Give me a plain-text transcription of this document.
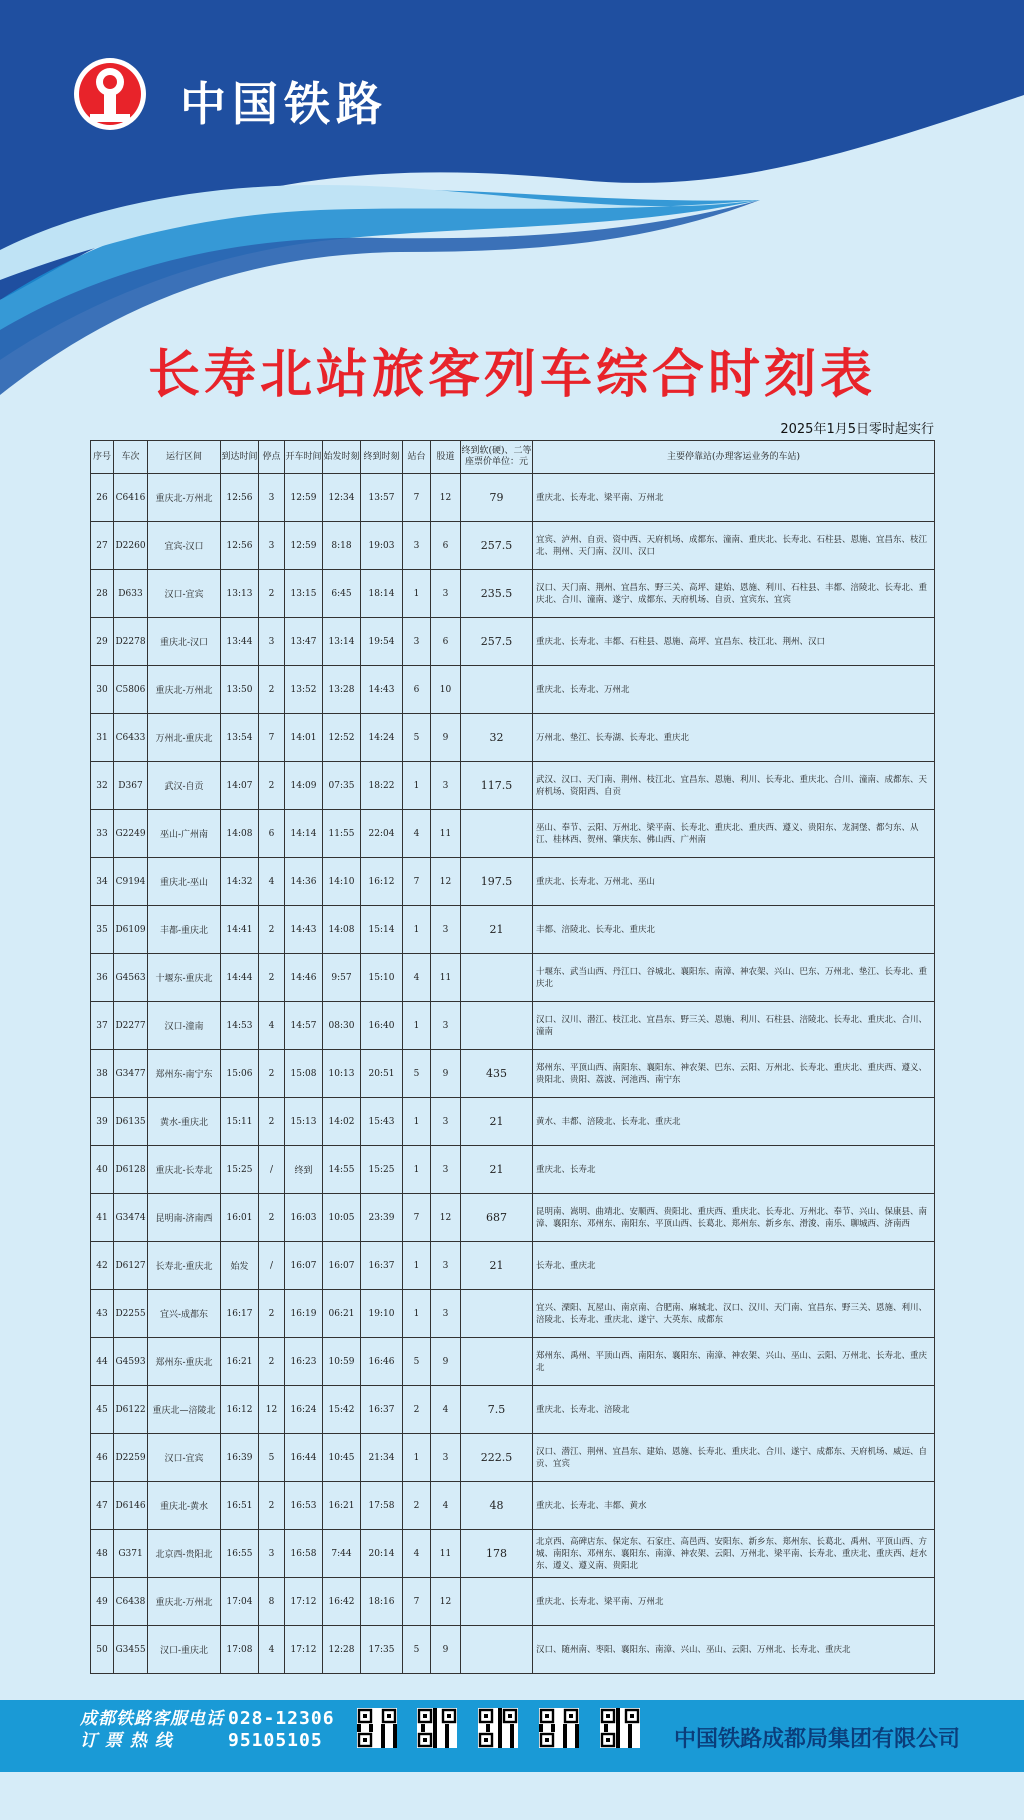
中国铁路
长寿北站旅客列车综合时刻表
2025年1月5日零时起实行
序号	车次	运行区间	到达时间	停点	开车时间	始发时刻	终到时刻	站台	股道	终到软(硬)、二等
座票价单位：元	主要停靠站(办理客运业务的车站)
26	C6416	重庆北-万州北	12:56	3	12:59	12:34	13:57	7	12	79	重庆北、长寿北、梁平南、万州北
27	D2260	宜宾-汉口	12:56	3	12:59	8:18	19:03	3	6	257.5	宜宾、泸州、自贡、资中西、天府机场、成都东、潼南、重庆北、长寿北、石柱县、恩施、宜昌东、枝江北、荆州、天门南、汉川、汉口
28	D633	汉口-宜宾	13:13	2	13:15	6:45	18:14	1	3	235.5	汉口、天门南、荆州、宜昌东、野三关、高坪、建始、恩施、利川、石柱县、丰都、涪陵北、长寿北、重庆北、合川、潼南、遂宁、成都东、天府机场、自贡、宜宾东、宜宾
29	D2278	重庆北-汉口	13:44	3	13:47	13:14	19:54	3	6	257.5	重庆北、长寿北、丰都、石柱县、恩施、高坪、宜昌东、枝江北、荆州、汉口
30	C5806	重庆北-万州北	13:50	2	13:52	13:28	14:43	6	10		重庆北、长寿北、万州北
31	C6433	万州北-重庆北	13:54	7	14:01	12:52	14:24	5	9	32	万州北、垫江、长寿湖、长寿北、重庆北
32	D367	武汉-自贡	14:07	2	14:09	07:35	18:22	1	3	117.5	武汉、汉口、天门南、荆州、枝江北、宜昌东、恩施、利川、长寿北、重庆北、合川、潼南、成都东、天府机场、资阳西、自贡
33	G2249	巫山-广州南	14:08	6	14:14	11:55	22:04	4	11		巫山、奉节、云阳、万州北、梁平南、长寿北、重庆北、重庆西、遵义、贵阳东、龙洞堡、都匀东、从江、桂林西、贺州、肇庆东、佛山西、广州南
34	C9194	重庆北-巫山	14:32	4	14:36	14:10	16:12	7	12	197.5	重庆北、长寿北、万州北、巫山
35	D6109	丰都-重庆北	14:41	2	14:43	14:08	15:14	1	3	21	丰都、涪陵北、长寿北、重庆北
36	G4563	十堰东-重庆北	14:44	2	14:46	9:57	15:10	4	11		十堰东、武当山西、丹江口、谷城北、襄阳东、南漳、神农架、兴山、巴东、万州北、垫江、长寿北、重庆北
37	D2277	汉口-潼南	14:53	4	14:57	08:30	16:40	1	3		汉口、汉川、潜江、枝江北、宜昌东、野三关、恩施、利川、石柱县、涪陵北、长寿北、重庆北、合川、潼南
38	G3477	郑州东-南宁东	15:06	2	15:08	10:13	20:51	5	9	435	郑州东、平顶山西、南阳东、襄阳东、神农架、巴东、云阳、万州北、长寿北、重庆北、重庆西、遵义、贵阳北、贵阳、荔波、河池西、南宁东
39	D6135	黄水-重庆北	15:11	2	15:13	14:02	15:43	1	3	21	黄水、丰都、涪陵北、长寿北、重庆北
40	D6128	重庆北-长寿北	15:25	/	终到	14:55	15:25	1	3	21	重庆北、长寿北
41	G3474	昆明南-济南西	16:01	2	16:03	10:05	23:39	7	12	687	昆明南、嵩明、曲靖北、安顺西、贵阳北、重庆西、重庆北、长寿北、万州北、奉节、兴山、保康县、南漳、襄阳东、邓州东、南阳东、平顶山西、长葛北、郑州东、新乡东、滑浚、南乐、聊城西、济南西
42	D6127	长寿北-重庆北	始发	/	16:07	16:07	16:37	1	3	21	长寿北、重庆北
43	D2255	宜兴-成都东	16:17	2	16:19	06:21	19:10	1	3		宜兴、溧阳、瓦屋山、南京南、合肥南、麻城北、汉口、汉川、天门南、宜昌东、野三关、恩施、利川、涪陵北、长寿北、重庆北、遂宁、大英东、成都东
44	G4593	郑州东-重庆北	16:21	2	16:23	10:59	16:46	5	9		郑州东、禹州、平顶山西、南阳东、襄阳东、南漳、神农架、兴山、巫山、云阳、万州北、长寿北、重庆北
45	D6122	重庆北—涪陵北	16:12	12	16:24	15:42	16:37	2	4	7.5	重庆北、长寿北、涪陵北
46	D2259	汉口-宜宾	16:39	5	16:44	10:45	21:34	1	3	222.5	汉口、潜江、荆州、宜昌东、建始、恩施、长寿北、重庆北、合川、遂宁、成都东、天府机场、威远、自贡、宜宾
47	D6146	重庆北-黄水	16:51	2	16:53	16:21	17:58	2	4	48	重庆北、长寿北、丰都、黄水
48	G371	北京西-贵阳北	16:55	3	16:58	7:44	20:14	4	11	178	北京西、高碑店东、保定东、石家庄、高邑西、安阳东、新乡东、郑州东、长葛北、禹州、平顶山西、方城、南阳东、邓州东、襄阳东、南漳、神农架、云阳、万州北、梁平南、长寿北、重庆北、重庆西、赶水东、遵义、遵义南、贵阳北
49	C6438	重庆北-万州北	17:04	8	17:12	16:42	18:16	7	12		重庆北、长寿北、梁平南、万州北
50	G3455	汉口-重庆北	17:08	4	17:12	12:28	17:35	5	9		汉口、随州南、枣阳、襄阳东、南漳、兴山、巫山、云阳、万州北、长寿北、重庆北
成都铁路客服电话
订 票 热 线
028-12306
95105105	中国铁路成都局集团有限公司
